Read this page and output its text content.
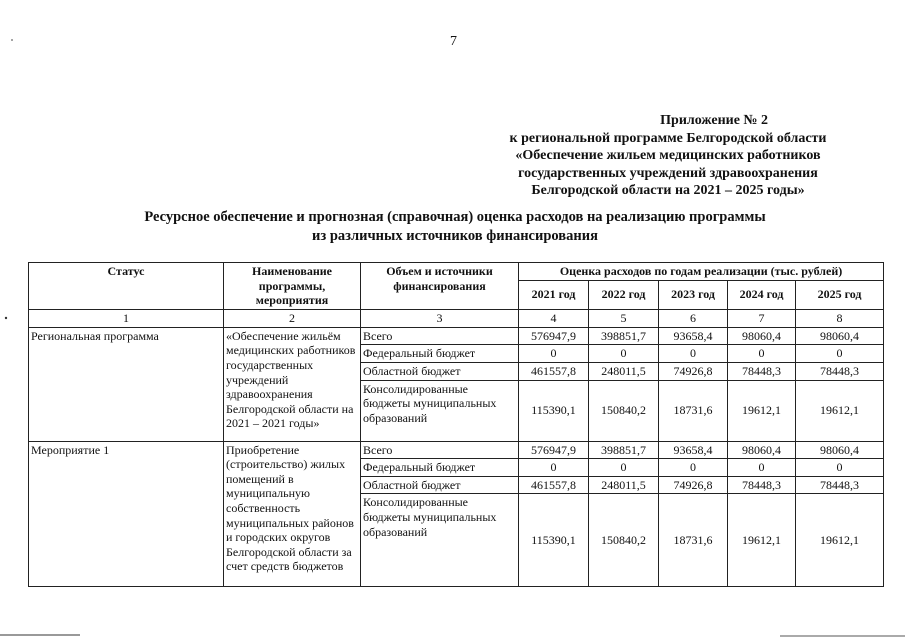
7
Приложение № 2
к региональной программе Белгородской области
«Обеспечение жильем медицинских работников
государственных учреждений здравоохранения
Белгородской области на 2021 – 2025 годы»
Ресурсное обеспечение и прогнозная (справочная) оценка расходов на реализацию программы
из различных источников финансирования
Статус	Наименование программы, мероприятия	Объем и источники финансирования	Оценка расходов по годам реализации (тыс. рублей)				
			2021 год	2022 год	2023 год	2024 год	2025 год
1	2	3	4	5	6	7	8
Региональная программа	«Обеспечение жильём медицинских работников государственных учреждений здравоохранения Белгородской области на 2021 – 2021 годы»	Всего	576947,9	398851,7	93658,4	98060,4	98060,4
		Федеральный бюджет	0	0	0	0	0
		Областной бюджет	461557,8	248011,5	74926,8	78448,3	78448,3
		Консолидированные бюджеты муниципальных образований	115390,1	150840,2	18731,6	19612,1	19612,1
Мероприятие 1	Приобретение (строительство) жилых помещений в муниципальную собственность муниципальных районов и городских округов Белгородской области за счет средств бюджетов	Всего	576947,9	398851,7	93658,4	98060,4	98060,4
		Федеральный бюджет	0	0	0	0	0
		Областной бюджет	461557,8	248011,5	74926,8	78448,3	78448,3
		Консолидированные бюджеты муниципальных образований	115390,1	150840,2	18731,6	19612,1	19612,1
